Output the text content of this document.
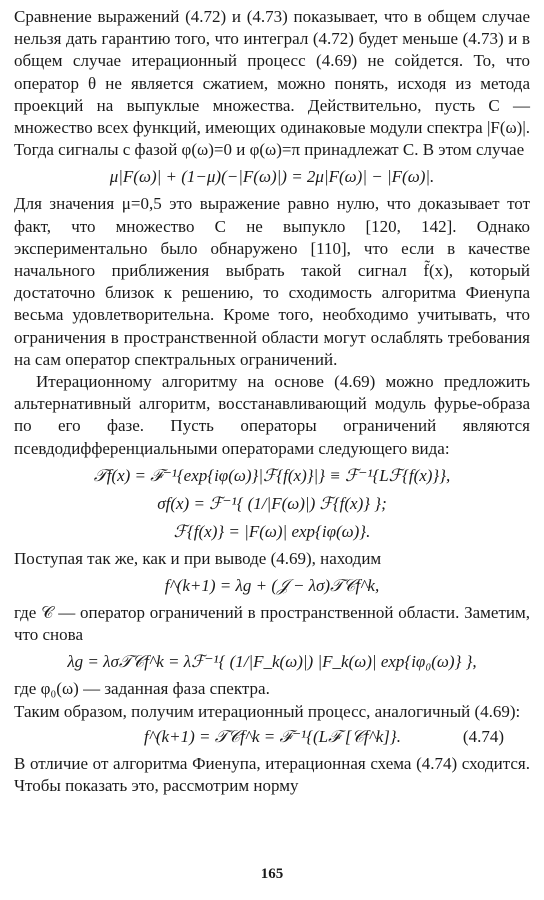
Сравнение выражений (4.72) и (4.73) показывает, что в общем случае нельзя дать гарантию того, что интеграл (4.72) будет меньше (4.73) и в общем случае итерационный процесс (4.69) не сойдется. То, что оператор θ не является сжатием, можно понять, исходя из метода проекций на выпуклые множества. Действительно, пусть C — множество всех функций, имеющих одинаковые модули спектра |F(ω)|. Тогда сигналы с фазой φ(ω)=0 и φ(ω)=π принадлежат C. В этом случае

μ|F(ω)| + (1−μ)(−|F(ω)|) = 2μ|F(ω)| − |F(ω)|.

Для значения μ=0,5 это выражение равно нулю, что доказывает тот факт, что множество C не выпукло [120, 142]. Однако экспериментально было обнаружено [110], что если в качестве начального приближения выбрать такой сигнал f̃(x), который достаточно близок к решению, то сходимость алгоритма Фиенупа весьма удовлетворительна. Кроме того, необходимо учитывать, что ограничения в пространственной области могут ослаблять требования на сам оператор спектральных ограничений.

Итерационному алгоритму на основе (4.69) можно предложить альтернативный алгоритм, восстанавливающий модуль фурье-образа по его фазе. Пусть операторы ограничений являются псевдодифференциальными операторами следующего вида:

𝒯f(x) = ℱ⁻¹{exp{iφ(ω)}|ℱ{f(x)}|} ≡ ℱ⁻¹{Lℱ{f(x)}},
σf(x) = ℱ⁻¹{ (1/|F(ω)|) ℱ{f(x)} };
ℱ{f(x)} = |F(ω)| exp{iφ(ω)}.

Поступая так же, как и при выводе (4.69), находим

f^(k+1) = λg + (𝒥 − λσ)𝒯𝒞f^k,

где 𝒞 — оператор ограничений в пространственной области. Заметим, что снова

λg = λσ𝒯𝒞f^k = λℱ⁻¹{ (1/|F_k(ω)|) |F_k(ω)| exp{iφ₀(ω)} },

где φ₀(ω) — заданная фаза спектра.

Таким образом, получим итерационный процесс, аналогичный (4.69):

f^(k+1) = 𝒯𝒞f^k = ℱ⁻¹{(Lℱ [𝒞f^k]}.	(4.74)

В отличие от алгоритма Фиенупа, итерационная схема (4.74) сходится. Чтобы показать это, рассмотрим норму

165
